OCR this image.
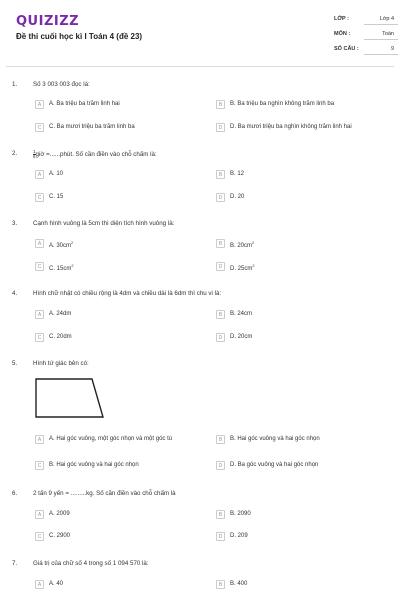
QUIZIZZ
Đề thi cuối học kì I Toán 4 (đề 23)
LỚP :	Lớp 4
MÔN :	Toán
SỐ CÂU :	9
1.	Số 3 003 003 đọc là:
A	A. Ba triệu ba trăm linh hai	B	B. Ba triệu ba nghìn không trăm linh ba
C	C. Ba mươi triệu ba trăm linh ba	D	D. Ba mươi triệu ba nghìn không trăm linh hai
2.	$\frac{1}{6}$ giờ =......phút. Số cần điền vào chỗ chấm là:
A	A. 10	B	B. 12
C	C. 15	D	D. 20
3.	Cạnh hình vuông là 5cm thì diện tích hình vuông là:
A	A. $30cm^2$	B	B. $20cm^2$
C	C. $15cm^2$	D	D. $25cm^2$
4.	Hình chữ nhật có chiều rộng là 4dm và chiều dài là 6dm thì chu vi là:
A	A. 24dm	B	B. 24cm
C	C. 20dm	D	D. 20cm
5.	Hình tứ giác bên có:
A	A. Hai góc vuông, một góc nhọn và một góc tù	B	B. Hai góc vuông và hai góc nhọn
C	B. Hai góc vuông và hai góc nhọn	D	D. Ba góc vuông và hai góc nhọn
6.	2 tấn 9 yến = .........kg. Số cần điền vào chỗ chấm là
A	A. 2009	B	B. 2090
C	C. 2900	D	D. 209
7.	Giá trị của chữ số 4 trong số 1 094 570 là:
A	A. 40	B	B. 400
